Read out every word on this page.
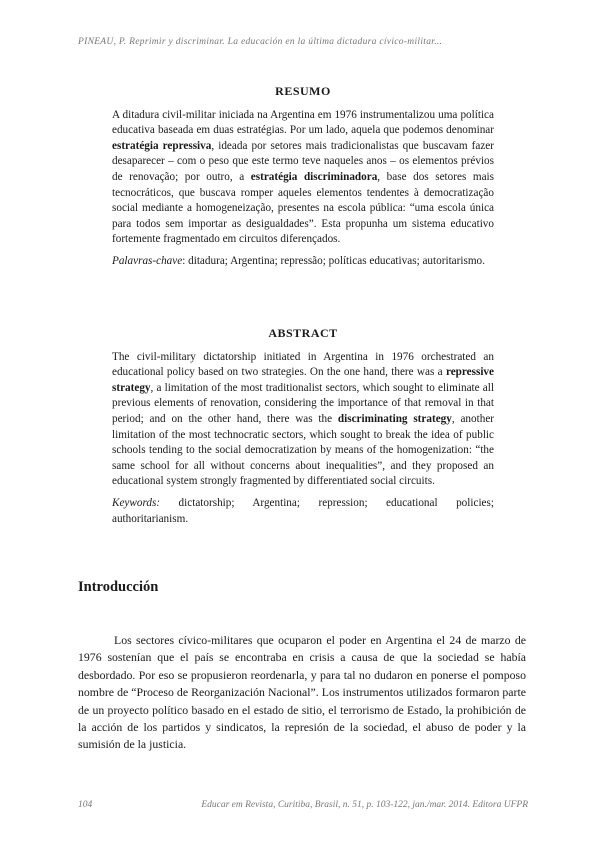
PINEAU, P. Reprimir y discriminar. La educación en la última dictadura cívico-militar...

RESUMO

A ditadura civil-militar iniciada na Argentina em 1976 instrumentalizou uma política educativa baseada em duas estratégias. Por um lado, aquela que podemos denominar estratégia repressiva, ideada por setores mais tradicionalistas que buscavam fazer desaparecer – com o peso que este termo teve naqueles anos – os elementos prévios de renovação; por outro, a estratégia discriminadora, base dos setores mais tecnocráticos, que buscava romper aqueles elementos tendentes à democratização social mediante a homogeneização, presentes na escola pública: “uma escola única para todos sem importar as desigualdades”. Esta propunha um sistema educativo fortemente fragmentado em circuitos diferençados.

Palavras-chave: ditadura; Argentina; repressão; políticas educativas; autoritarismo.

ABSTRACT

The civil-military dictatorship initiated in Argentina in 1976 orchestrated an educational policy based on two strategies. On the one hand, there was a repressive strategy, a limitation of the most traditionalist sectors, which sought to eliminate all previous elements of renovation, considering the importance of that removal in that period; and on the other hand, there was the discriminating strategy, another limitation of the most technocratic sectors, which sought to break the idea of public schools tending to the social democratization by means of the homogenization: “the same school for all without concerns about inequalities”, and they proposed an educational system strongly fragmented by differentiated social circuits.

Keywords: dictatorship; Argentina; repression; educational policies; authoritarianism.

Introducción

Los sectores cívico-militares que ocuparon el poder en Argentina el 24 de marzo de 1976 sostenían que el país se encontraba en crisis a causa de que la sociedad se había desbordado. Por eso se propusieron reordenarla, y para tal no dudaron en ponerse el pomposo nombre de “Proceso de Reorganización Nacional”. Los instrumentos utilizados formaron parte de un proyecto político basado en el estado de sitio, el terrorismo de Estado, la prohibición de la acción de los partidos y sindicatos, la represión de la sociedad, el abuso de poder y la sumisión de la justicia.

104	Educar em Revista, Curitiba, Brasil, n. 51, p. 103-122, jan./mar. 2014. Editora UFPR
